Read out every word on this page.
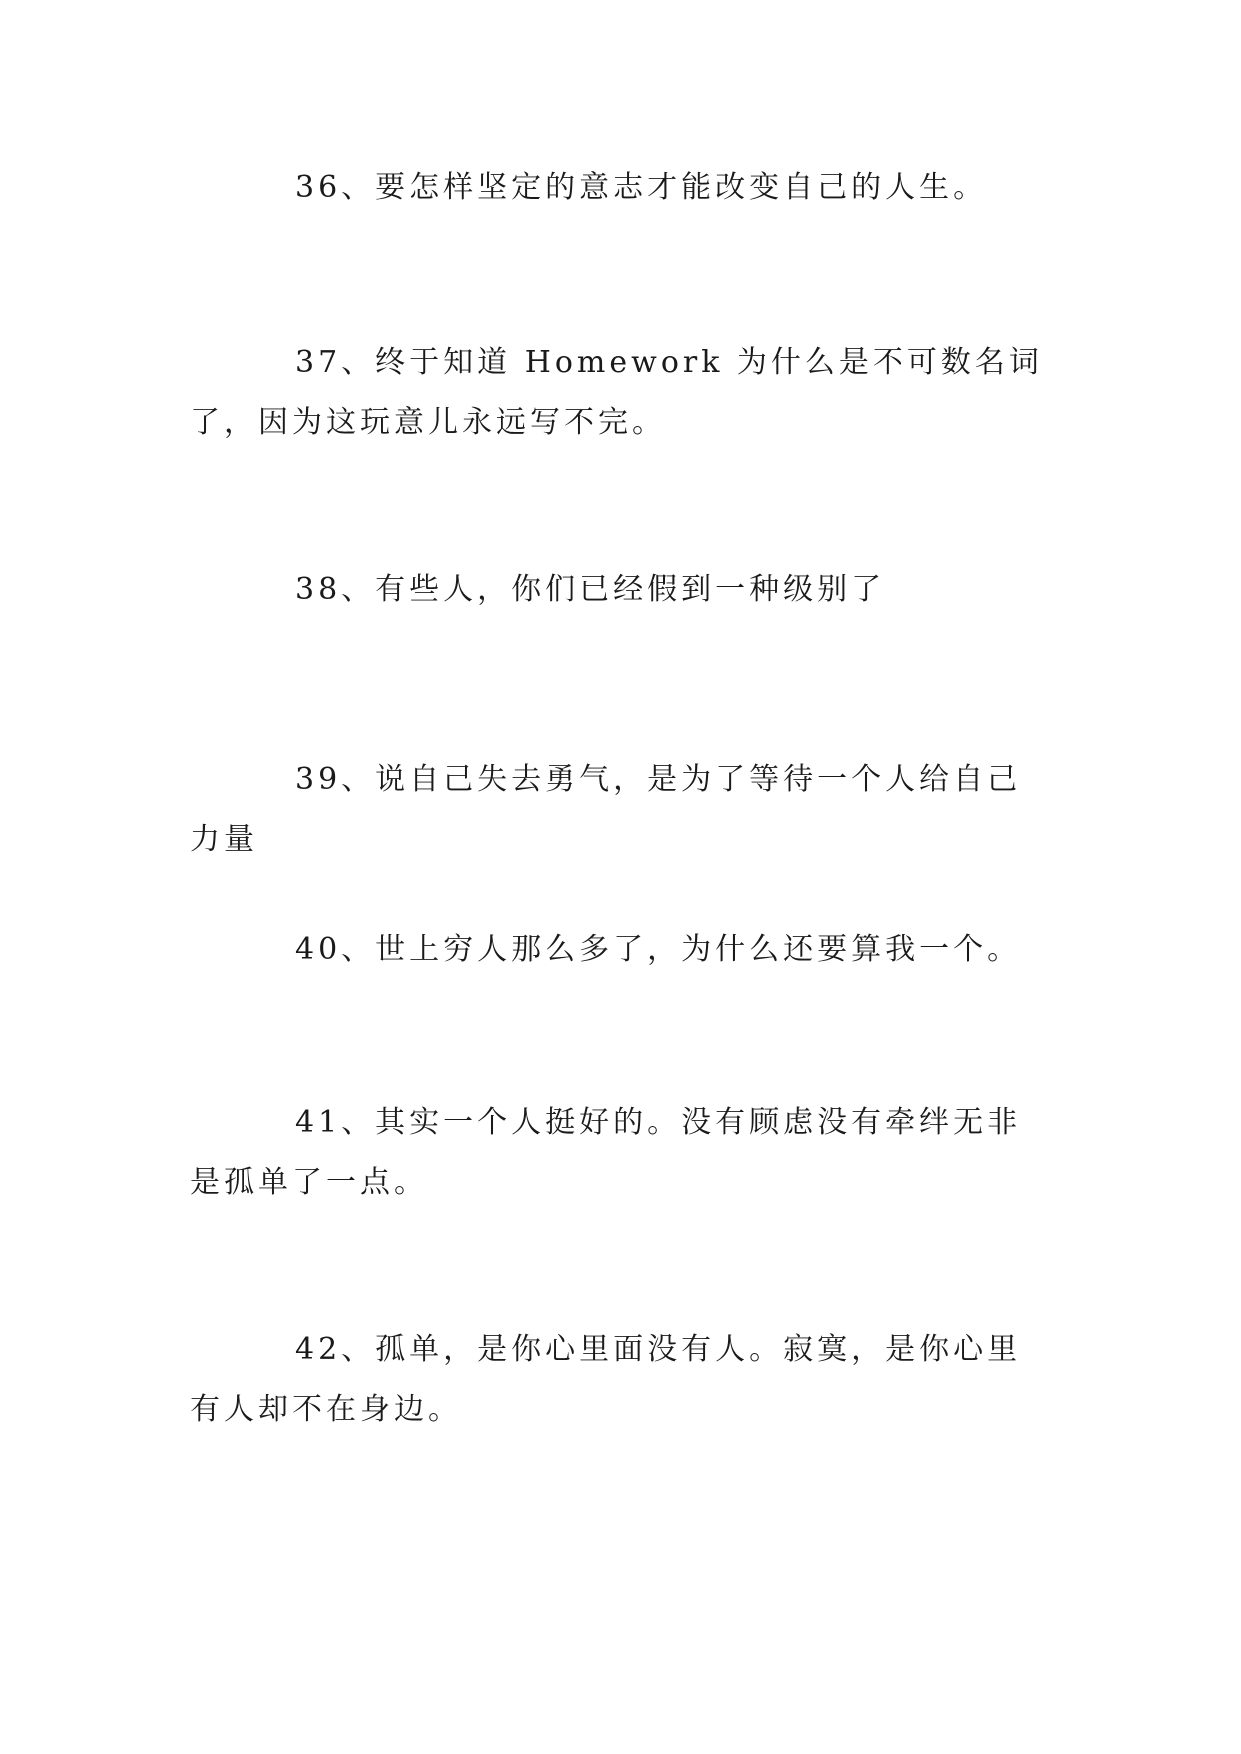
36、要怎样坚定的意志才能改变自己的人生。

37、终于知道 Homework 为什么是不可数名词了，因为这玩意儿永远写不完。

38、有些人，你们已经假到一种级别了

39、说自己失去勇气，是为了等待一个人给自己力量

40、世上穷人那么多了，为什么还要算我一个。

41、其实一个人挺好的。没有顾虑没有牵绊无非是孤单了一点。

42、孤单，是你心里面没有人。寂寞，是你心里有人却不在身边。
